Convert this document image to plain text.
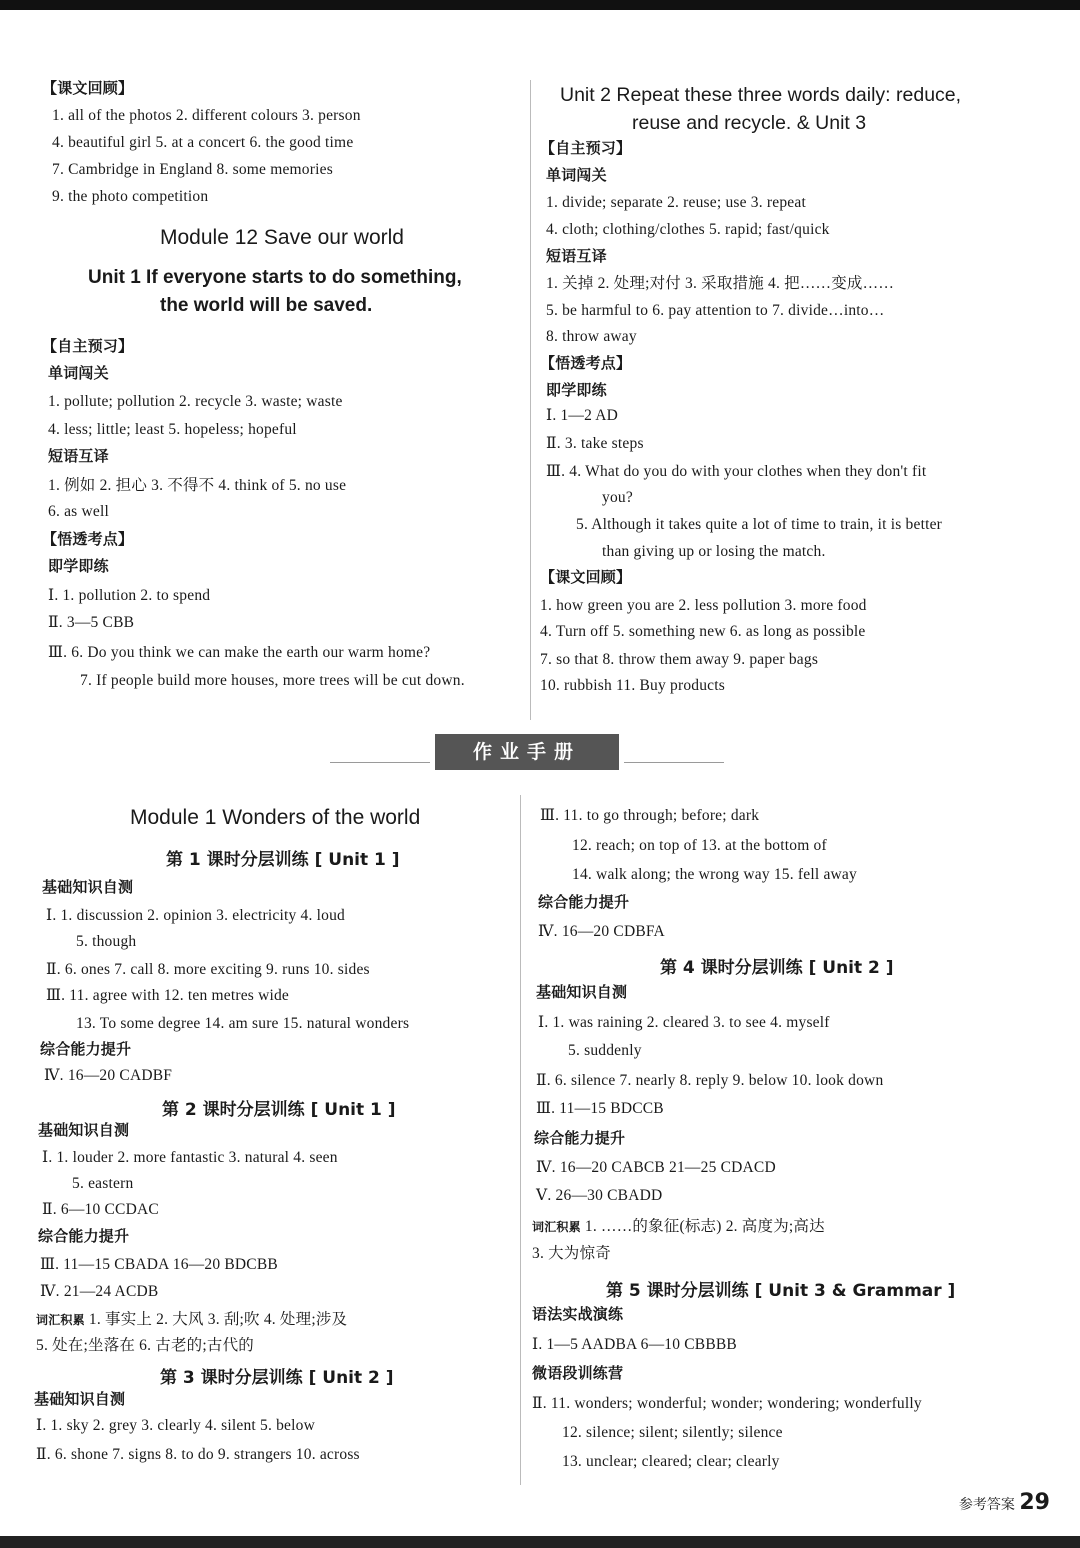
【课文回顾】
1. all of the photos 2. different colours 3. person
4. beautiful girl 5. at a concert 6. the good time
7. Cambridge in England 8. some memories
9. the photo competition
Module 12 Save our world
Unit 1 If everyone starts to do something,
the world will be saved.
【自主预习】
单词闯关
1. pollute; pollution 2. recycle 3. waste; waste
4. less; little; least 5. hopeless; hopeful
短语互译
1. 例如 2. 担心 3. 不得不 4. think of 5. no use
6. as well
【悟透考点】
即学即练
Ⅰ. 1. pollution 2. to spend
Ⅱ. 3—5 CBB
Ⅲ. 6. Do you think we can make the earth our warm home?
7. If people build more houses, more trees will be cut down.
Unit 2 Repeat these three words daily: reduce,
reuse and recycle. & Unit 3
【自主预习】
单词闯关
1. divide; separate 2. reuse; use 3. repeat
4. cloth; clothing/clothes 5. rapid; fast/quick
短语互译
1. 关掉 2. 处理;对付 3. 采取措施 4. 把……变成……
5. be harmful to 6. pay attention to 7. divide…into…
8. throw away
【悟透考点】
即学即练
Ⅰ. 1—2 AD
Ⅱ. 3. take steps
Ⅲ. 4. What do you do with your clothes when they don't fit
you?
5. Although it takes quite a lot of time to train, it is better
than giving up or losing the match.
【课文回顾】
1. how green you are 2. less pollution 3. more food
4. Turn off 5. something new 6. as long as possible
7. so that 8. throw them away 9. paper bags
10. rubbish 11. Buy products
作业手册
Module 1 Wonders of the world
第 1 课时分层训练 [ Unit 1 ]
基础知识自测
Ⅰ. 1. discussion 2. opinion 3. electricity 4. loud
5. though
Ⅱ. 6. ones 7. call 8. more exciting 9. runs 10. sides
Ⅲ. 11. agree with 12. ten metres wide
13. To some degree 14. am sure 15. natural wonders
综合能力提升
Ⅳ. 16—20 CADBF
第 2 课时分层训练 [ Unit 1 ]
基础知识自测
Ⅰ. 1. louder 2. more fantastic 3. natural 4. seen
5. eastern
Ⅱ. 6—10 CCDAC
综合能力提升
Ⅲ. 11—15 CBADA 16—20 BDCBB
Ⅳ. 21—24 ACDB
词汇积累 1. 事实上 2. 大风 3. 刮;吹 4. 处理;涉及
5. 处在;坐落在 6. 古老的;古代的
第 3 课时分层训练 [ Unit 2 ]
基础知识自测
Ⅰ. 1. sky 2. grey 3. clearly 4. silent 5. below
Ⅱ. 6. shone 7. signs 8. to do 9. strangers 10. across
Ⅲ. 11. to go through; before; dark
12. reach; on top of 13. at the bottom of
14. walk along; the wrong way 15. fell away
综合能力提升
Ⅳ. 16—20 CDBFA
第 4 课时分层训练 [ Unit 2 ]
基础知识自测
Ⅰ. 1. was raining 2. cleared 3. to see 4. myself
5. suddenly
Ⅱ. 6. silence 7. nearly 8. reply 9. below 10. look down
Ⅲ. 11—15 BDCCB
综合能力提升
Ⅳ. 16—20 CABCB 21—25 CDACD
Ⅴ. 26—30 CBADD
词汇积累 1. ……的象征(标志) 2. 高度为;高达
3. 大为惊奇
第 5 课时分层训练 [ Unit 3 & Grammar ]
语法实战演练
Ⅰ. 1—5 AADBA 6—10 CBBBB
微语段训练营
Ⅱ. 11. wonders; wonderful; wonder; wondering; wonderfully
12. silence; silent; silently; silence
13. unclear; cleared; clear; clearly
参考答案 29
